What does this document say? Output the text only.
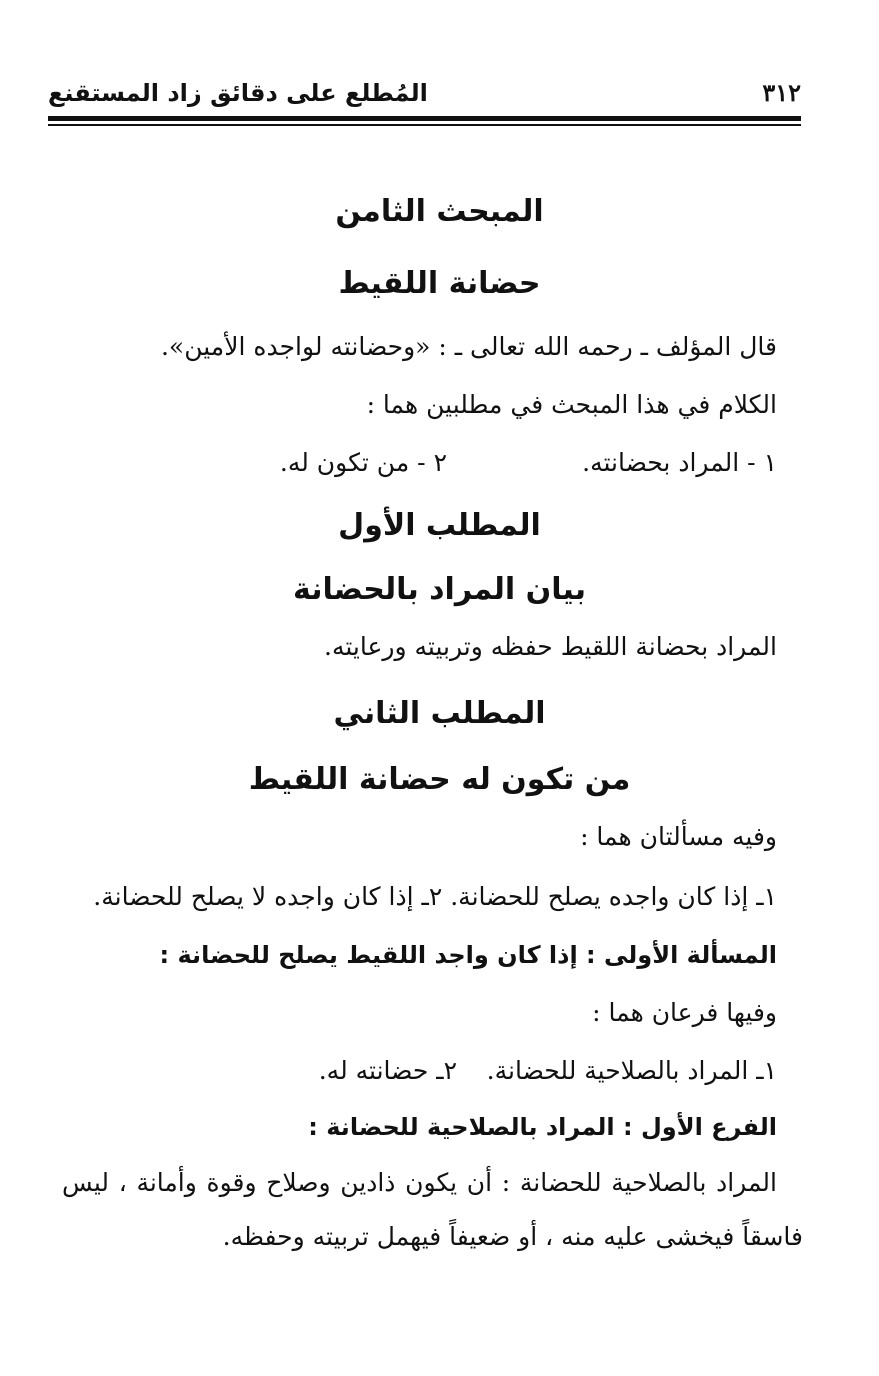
٣١٢
المُطلع على دقائق زاد المستقنع
المبحث الثامن
حضانة اللقيط
قال المؤلف ـ رحمه الله تعالى ـ : «وحضانته لواجده الأمين».
الكلام في هذا المبحث في مطلبين هما :
١ - المراد بحضانته.
٢ - من تكون له.
المطلب الأول
بيان المراد بالحضانة
المراد بحضانة اللقيط حفظه وتربيته ورعايته.
المطلب الثاني
من تكون له حضانة اللقيط
وفيه مسألتان هما :
١ـ إذا كان واجده يصلح للحضانة. ٢ـ إذا كان واجده لا يصلح للحضانة.
المسألة الأولى : إذا كان واجد اللقيط يصلح للحضانة :
وفيها فرعان هما :
١ـ المراد بالصلاحية للحضانة.
٢ـ حضانته له.
الفرع الأول : المراد بالصلاحية للحضانة :
المراد بالصلاحية للحضانة : أن يكون ذادين وصلاح وقوة وأمانة ، ليس
فاسقاً فيخشى عليه منه ، أو ضعيفاً فيهمل تربيته وحفظه.
